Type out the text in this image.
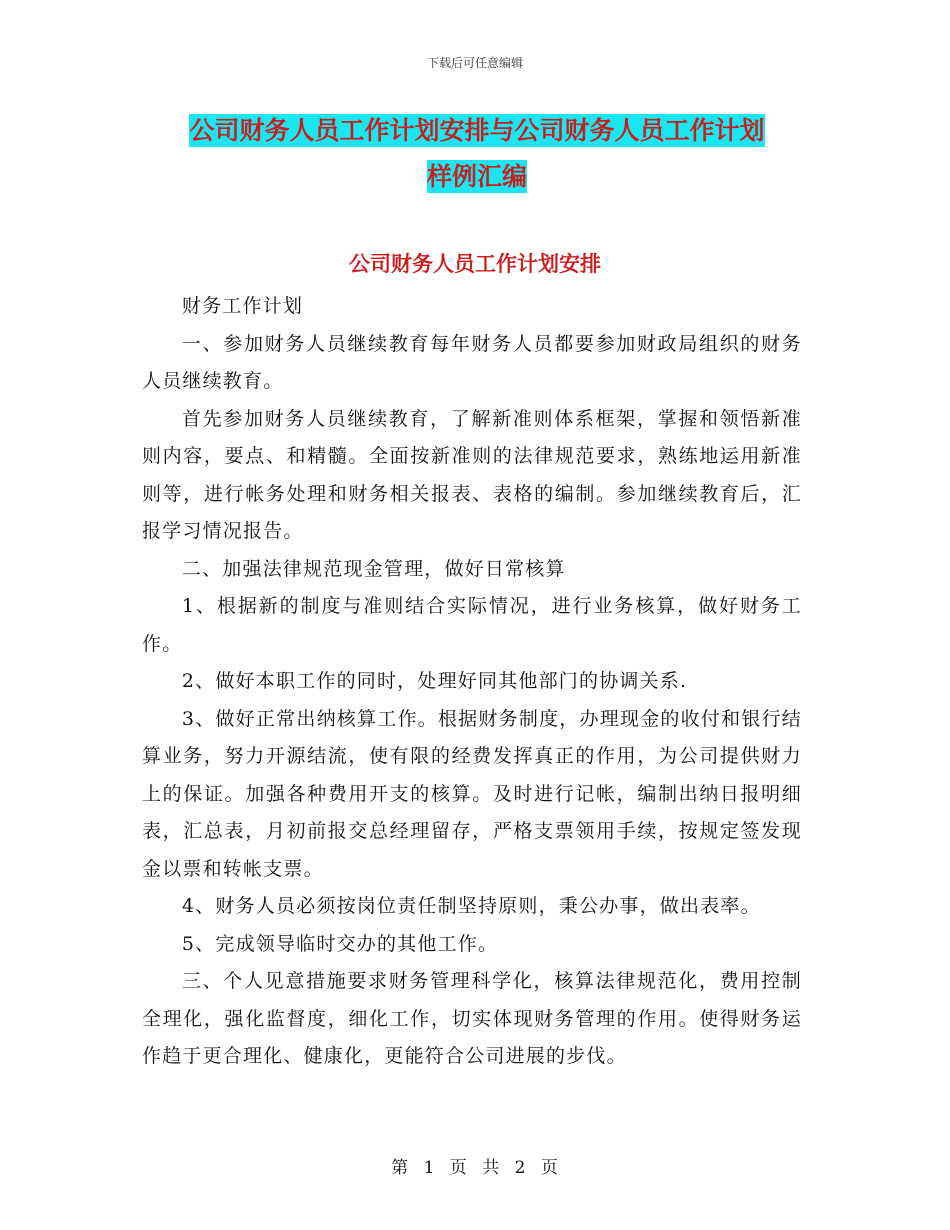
下载后可任意编辑
公司财务人员工作计划安排与公司财务人员工作计划
样例汇编
公司财务人员工作计划安排

财务工作计划

一、参加财务人员继续教育每年财务人员都要参加财政局组织的财务人员继续教育。

首先参加财务人员继续教育，了解新准则体系框架，掌握和领悟新准则内容，要点、和精髓。全面按新准则的法律规范要求，熟练地运用新准则等，进行帐务处理和财务相关报表、表格的编制。参加继续教育后，汇报学习情况报告。

二、加强法律规范现金管理，做好日常核算

1、根据新的制度与准则结合实际情况，进行业务核算，做好财务工作。

2、做好本职工作的同时，处理好同其他部门的协调关系.

3、做好正常出纳核算工作。根据财务制度，办理现金的收付和银行结算业务，努力开源结流，使有限的经费发挥真正的作用，为公司提供财力上的保证。加强各种费用开支的核算。及时进行记帐，编制出纳日报明细表，汇总表，月初前报交总经理留存，严格支票领用手续，按规定签发现金以票和转帐支票。

4、财务人员必须按岗位责任制坚持原则，秉公办事，做出表率。

5、完成领导临时交办的其他工作。

三、个人见意措施要求财务管理科学化，核算法律规范化，费用控制全理化，强化监督度，细化工作，切实体现财务管理的作用。使得财务运作趋于更合理化、健康化，更能符合公司进展的步伐。

第 1 页 共 2 页
